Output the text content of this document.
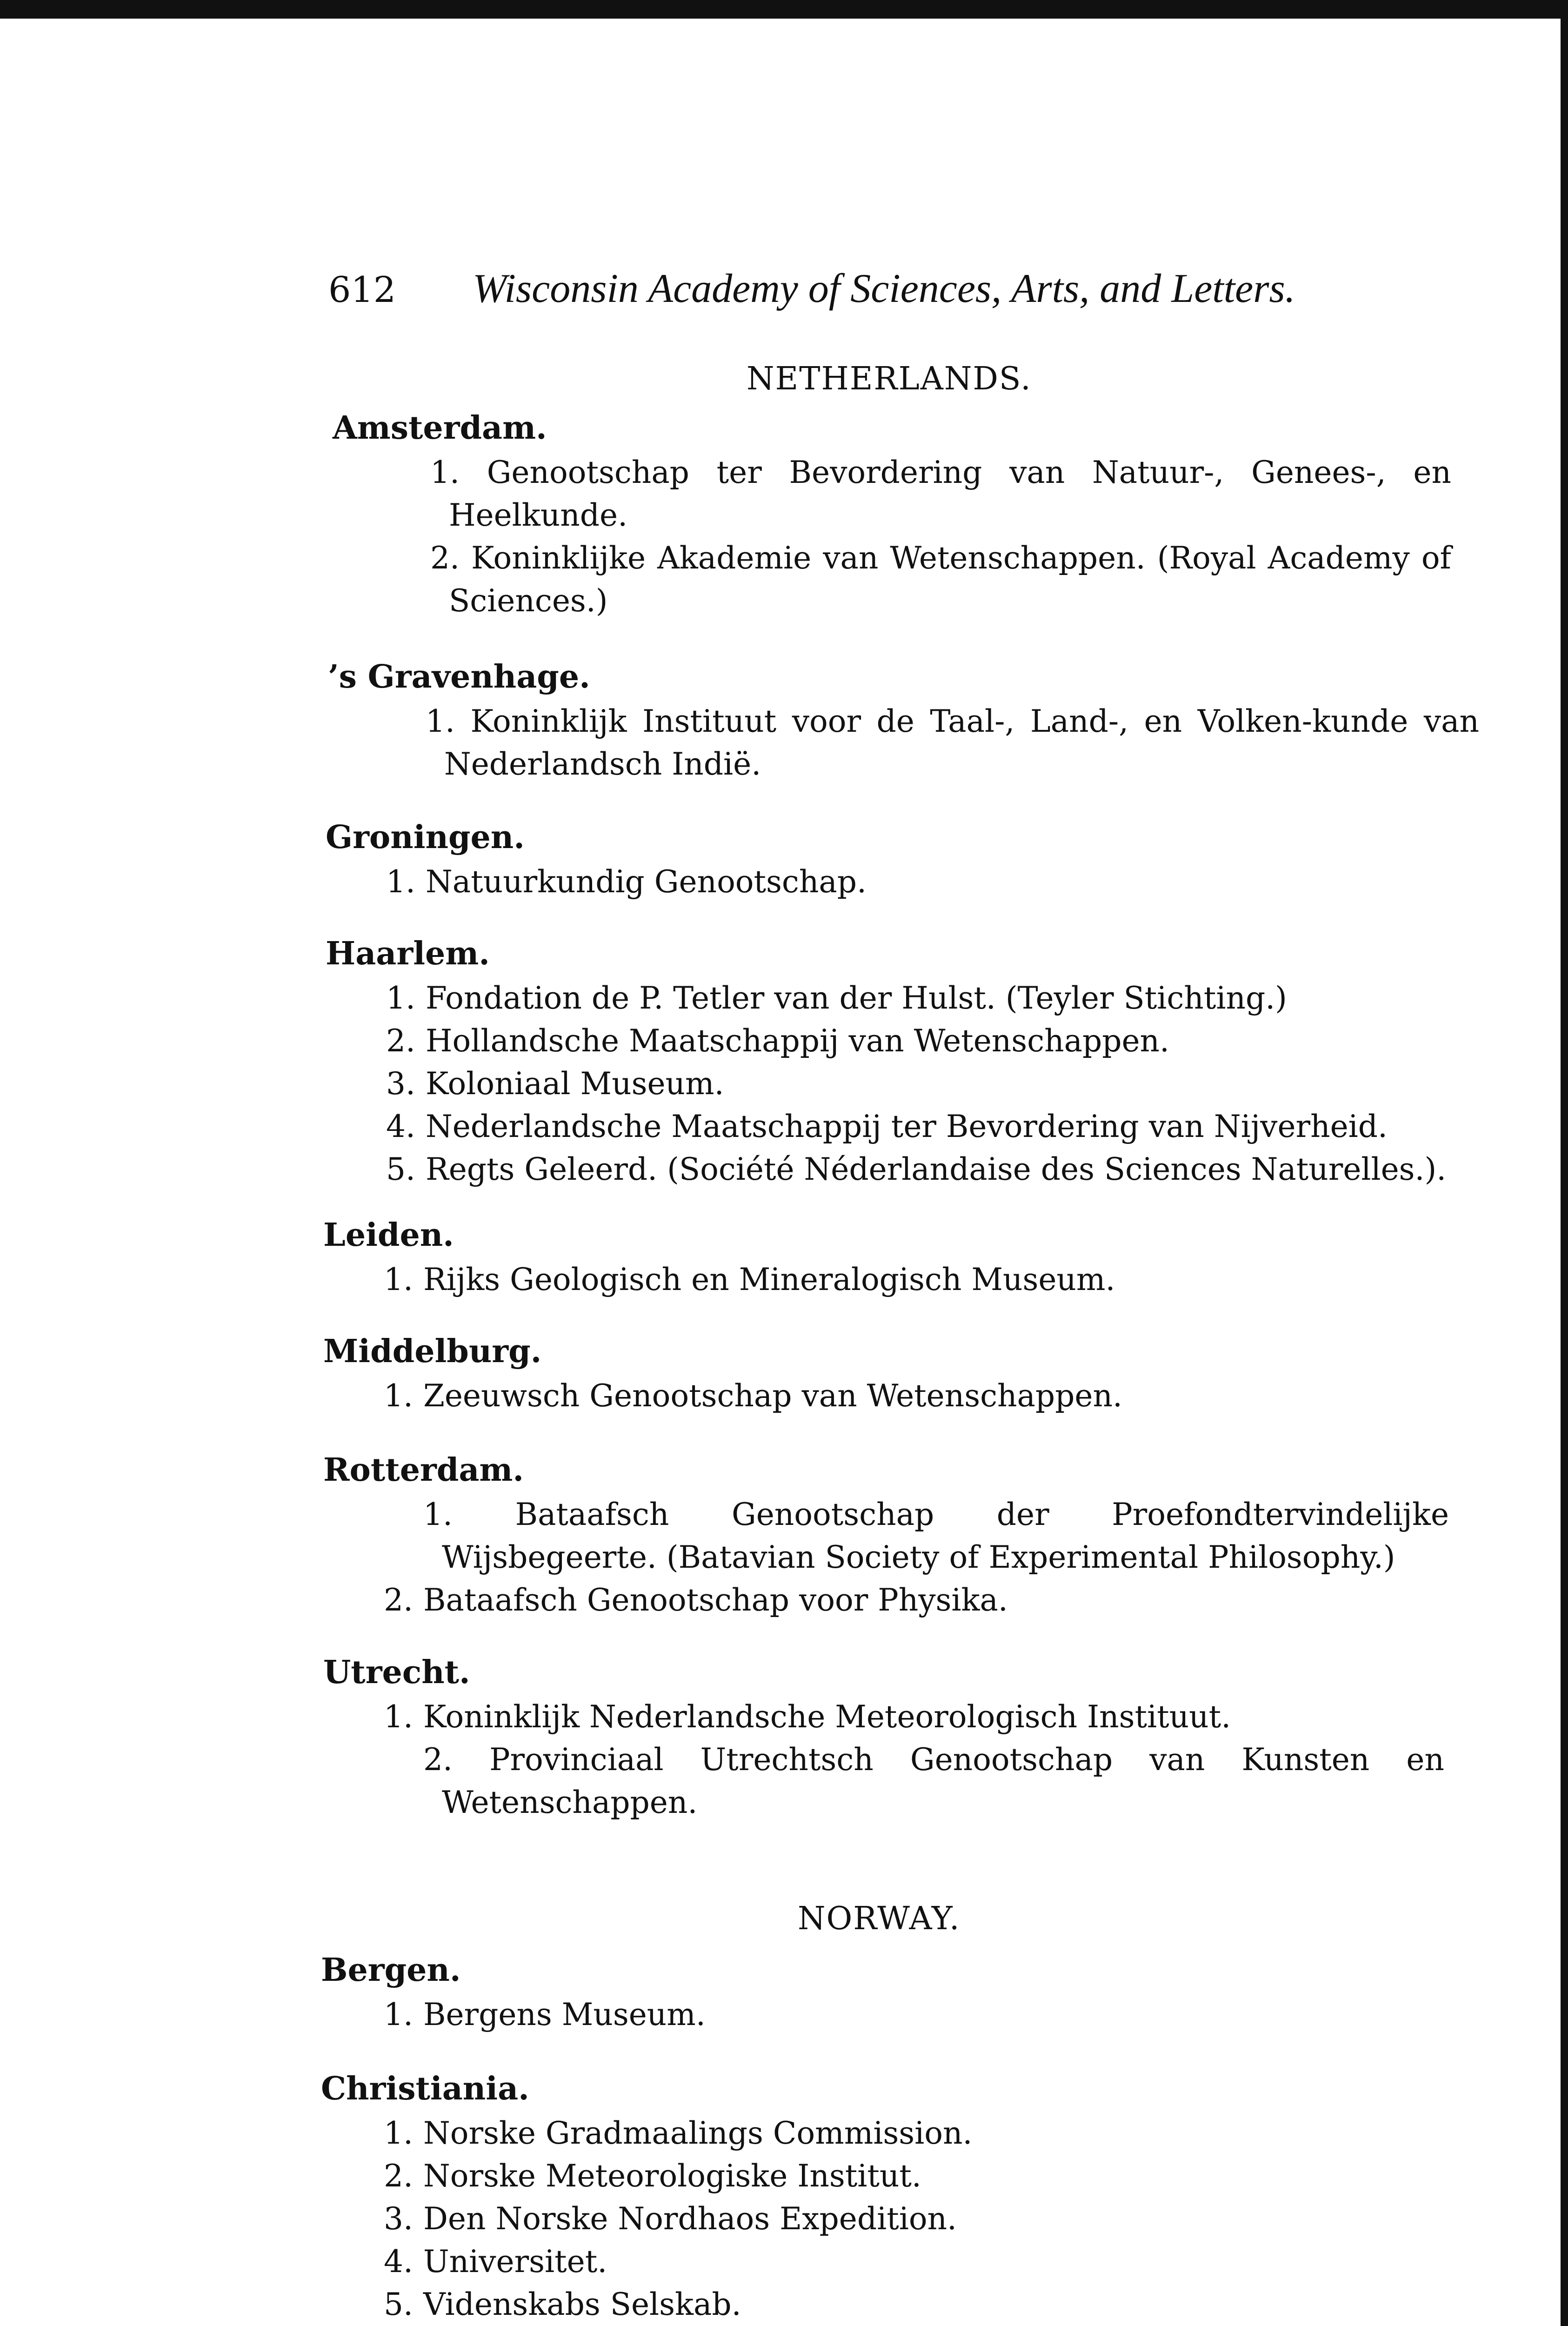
612 Wisconsin Academy of Sciences, Arts, and Letters.
NETHERLANDS.
Amsterdam.
1. Genootschap ter Bevordering van Natuur-, Genees-, en Heelkunde.
2. Koninklijke Akademie van Wetenschappen. (Royal Academy of Sciences.)
’s Gravenhage.
1. Koninklijk Instituut voor de Taal-, Land-, en Volken-kunde van Nederlandsch Indië.
Groningen.
1. Natuurkundig Genootschap.
Haarlem.
1. Fondation de P. Tetler van der Hulst. (Teyler Stichting.)
2. Hollandsche Maatschappij van Wetenschappen.
3. Koloniaal Museum.
4. Nederlandsche Maatschappij ter Bevordering van Nijverheid.
5. Regts Geleerd. (Société Néderlandaise des Sciences Naturelles.).
Leiden.
1. Rijks Geologisch en Mineralogisch Museum.
Middelburg.
1. Zeeuwsch Genootschap van Wetenschappen.
Rotterdam.
1. Bataafsch Genootschap der Proefondtervindelijke Wijsbegeerte. (Batavian Society of Experimental Philosophy.)
2. Bataafsch Genootschap voor Physika.
Utrecht.
1. Koninklijk Nederlandsche Meteorologisch Instituut.
2. Provinciaal Utrechtsch Genootschap van Kunsten en Wetenschappen.
NORWAY.
Bergen.
1. Bergens Museum.
Christiania.
1. Norske Gradmaalings Commission.
2. Norske Meteorologiske Institut.
3. Den Norske Nordhaos Expedition.
4. Universitet.
5. Videnskabs Selskab.
